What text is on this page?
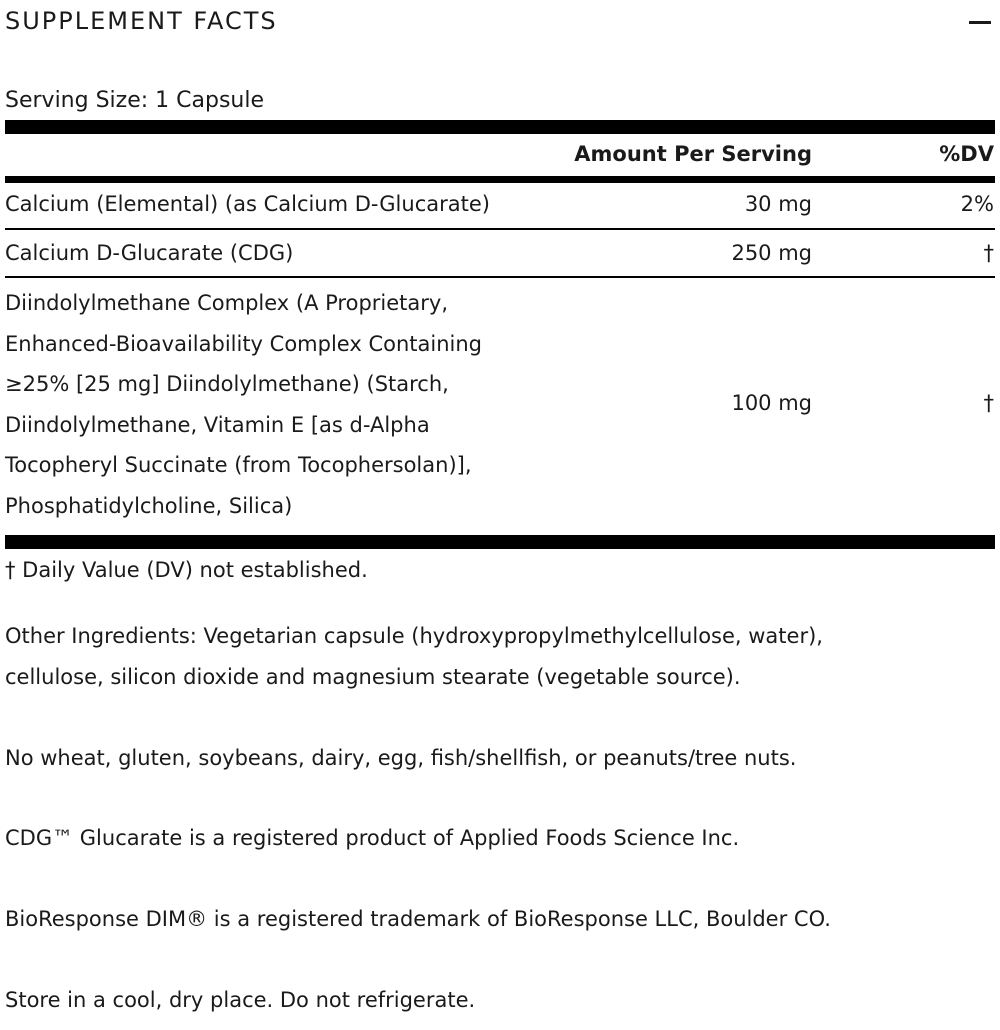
SUPPLEMENT FACTS
Serving Size: 1 Capsule
Amount Per Serving	%DV
Calcium (Elemental) (as Calcium D-Glucarate)	30 mg	2%
Calcium D-Glucarate (CDG)	250 mg	†
Diindolylmethane Complex (A Proprietary,
Enhanced-Bioavailability Complex Containing
≥25% [25 mg] Diindolylmethane) (Starch,
Diindolylmethane, Vitamin E [as d-Alpha
Tocopheryl Succinate (from Tocophersolan)],
Phosphatidylcholine, Silica)
100 mg	†
† Daily Value (DV) not established.
Other Ingredients: Vegetarian capsule (hydroxypropylmethylcellulose, water),
cellulose, silicon dioxide and magnesium stearate (vegetable source).
No wheat, gluten, soybeans, dairy, egg, fish/shellfish, or peanuts/tree nuts.
CDG™ Glucarate is a registered product of Applied Foods Science Inc.
BioResponse DIM® is a registered trademark of BioResponse LLC, Boulder CO.
Store in a cool, dry place. Do not refrigerate.
